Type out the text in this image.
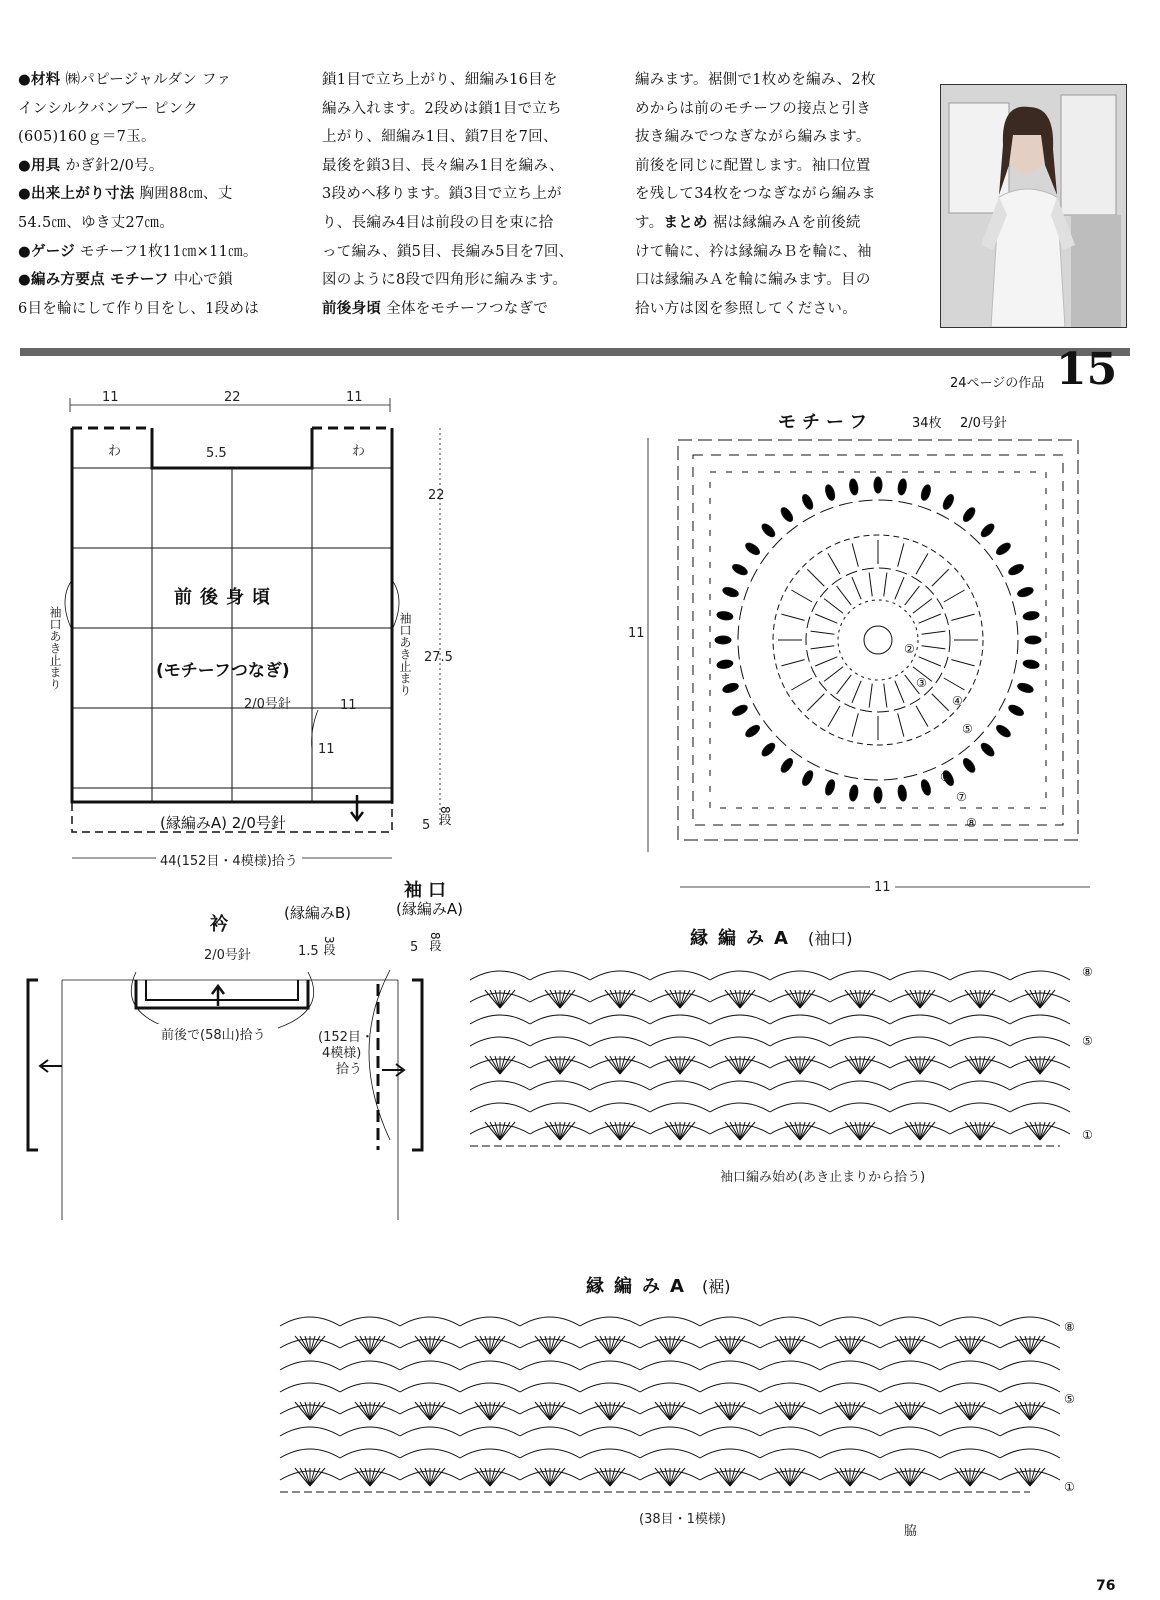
●材料 ㈱パピージャルダン ファ
インシルクバンブー ピンク
(605)160ｇ＝7玉。
●用具 かぎ針2/0号。
●出来上がり寸法 胸囲88㎝、丈
54.5㎝、ゆき丈27㎝。
●ゲージ モチーフ1枚11㎝×11㎝。
●編み方要点 モチーフ 中心で鎖
6目を輪にして作り目をし、1段めは
鎖1目で立ち上がり、細編み16目を
編み入れます。2段めは鎖1目で立ち
上がり、細編み1目、鎖7目を7回、
最後を鎖3目、長々編み1目を編み、
3段めへ移ります。鎖3目で立ち上が
り、長編み4目は前段の目を束に拾
って編み、鎖5目、長編み5目を7回、
図のように8段で四角形に編みます。
前後身頃 全体をモチーフつなぎで
編みます。裾側で1枚めを編み、2枚
めからは前のモチーフの接点と引き
抜き編みでつなぎながら編みます。
前後を同じに配置します。袖口位置
を残して34枚をつなぎながら編みま
す。まとめ 裾は縁編みＡを前後続
けて輪に、衿は縁編みＢを輪に、袖
口は縁編みＡを輪に編みます。目の
拾い方は図を参照してください。
24ページの作品 15
11	22	11
わ	わ
5.5
前後身頃
(モチーフつなぎ)
2/0号針
22
27.5
5 8段
袖口あき止まり	袖口あき止まり
11
11
(縁編みA) 2/0号針
44(152目・4模様)拾う
モチーフ	34枚 2/0号針
11
11
②
③
④
⑤
⑥
⑦
⑧
衿
(縁編みB)
2/0号針	1.5 3段
袖口
(縁編みA)
5 8段
前後で(58山)拾う	(152目・
4模様)
拾う
縁編みA (袖口)
⑧
⑤
①
袖口編み始め(あき止まりから拾う)
縁編みA (裾)
⑧
⑤
①
(38目・1模様)
脇
76
